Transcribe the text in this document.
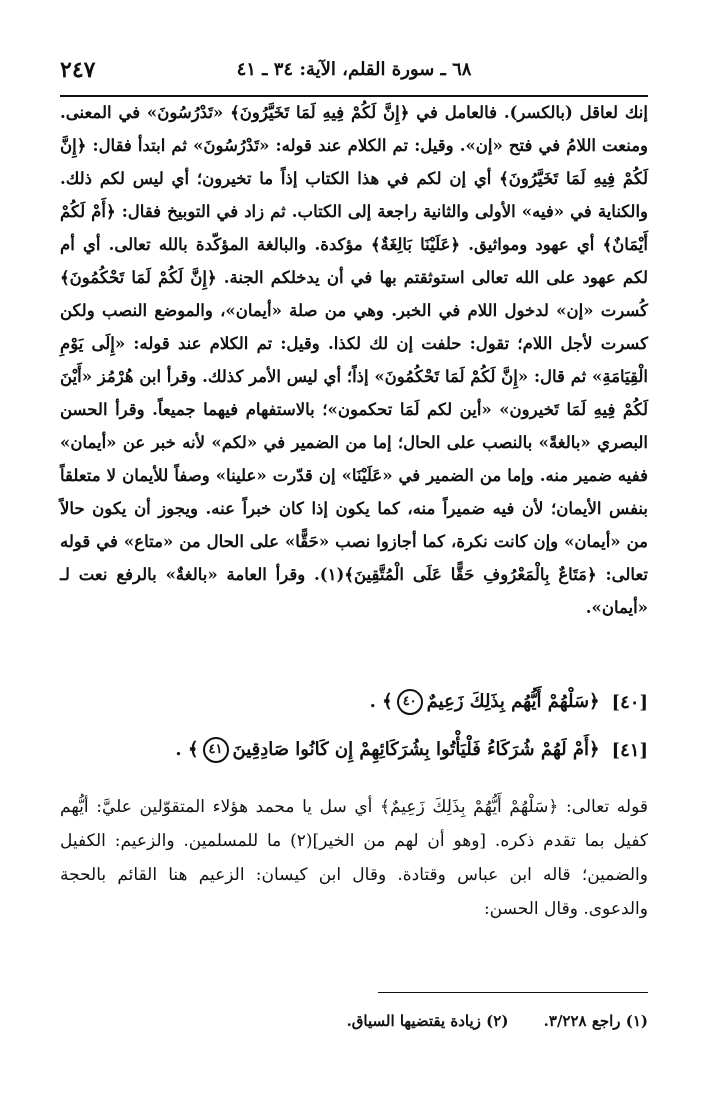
٢٤٧	٦٨ ـ سورة القلم، الآية: ٣٤ ـ ٤١

إنك لعاقل (بالكسر). فالعامل في ﴿إِنَّ لَكُمْ فِيهِ لَمَا تَخَيَّرُونَ﴾ «تَدْرُسُونَ» في المعنى. ومنعت اللامُ في فتح «إن». وقيل: تم الكلام عند قوله: «تَدْرُسُونَ» ثم ابتدأ فقال: ﴿إِنَّ لَكُمْ فِيهِ لَمَا تَخَيَّرُونَ﴾ أي إن لكم في هذا الكتاب إذاً ما تخيرون؛ أي ليس لكم ذلك. والكناية في «فيه» الأولى والثانية راجعة إلى الكتاب. ثم زاد في التوبيخ فقال: ﴿أَمْ لَكُمْ أَيْمَانٌ﴾ أي عهود ومواثيق. ﴿عَلَيْنَا بَالِغَةٌ﴾ مؤكدة. والبالغة المؤكّدة بالله تعالى. أي أم لكم عهود على الله تعالى استوثقتم بها في أن يدخلكم الجنة. ﴿إِنَّ لَكُمْ لَمَا تَحْكُمُونَ﴾ كُسرت «إن» لدخول اللام في الخبر. وهي من صلة «أيمان»، والموضع النصب ولكن كسرت لأجل اللام؛ تقول: حلفت إن لك لكذا. وقيل: تم الكلام عند قوله: «إِلَى يَوْمِ الْقِيَامَةِ» ثم قال: «إِنَّ لَكُمْ لَمَا تَحْكُمُونَ» إذاً؛ أي ليس الأمر كذلك. وقرأ ابن هُرْمُز «أَيْنَ لَكُمْ فِيهِ لَمَا تَخيرون» «أين لكم لَمَا تحكمون»؛ بالاستفهام فيهما جميعاً. وقرأ الحسن البصري «بالغةً» بالنصب على الحال؛ إما من الضمير في «لكم» لأنه خبر عن «أيمان» ففيه ضمير منه. وإما من الضمير في «عَلَيْنَا» إن قدّرت «علينا» وصفاً للأيمان لا متعلقاً بنفس الأيمان؛ لأن فيه ضميراً منه، كما يكون إذا كان خبراً عنه. ويجوز أن يكون حالاً من «أيمان» وإن كانت نكرة، كما أجازوا نصب «حَقًّا» على الحال من «متاع» في قوله تعالى: ﴿مَتَاعٌ بِالْمَعْرُوفِ حَقًّا عَلَى الْمُتَّقِينَ﴾(١). وقرأ العامة «بالغةٌ» بالرفع نعت لـ «أيمان».

[٤٠]
﴿سَلْهُمْ أَيُّهُم بِذَلِكَ زَعِيمٌ٤٠﴾ .
[٤١]
﴿أَمْ لَهُمْ شُرَكَاءُ فَلْيَأْتُوا بِشُرَكَائِهِمْ إِن كَانُوا صَادِقِينَ٤١﴾ .

قوله تعالى: ﴿سَلْهُمْ أَيُّهُمْ بِذَلِكَ زَعِيمٌ﴾ أي سل يا محمد هؤلاء المتقوّلين عليَّ: أيُّهم كفيل بما تقدم ذكره. [وهو أن لهم من الخير](٢) ما للمسلمين. والزعيم: الكفيل والضمين؛ قاله ابن عباس وقتادة. وقال ابن كيسان: الزعيم هنا القائم بالحجة والدعوى. وقال الحسن:

(١) راجع ٣/٢٢٨. (٢) زيادة يقتضيها السياق.
